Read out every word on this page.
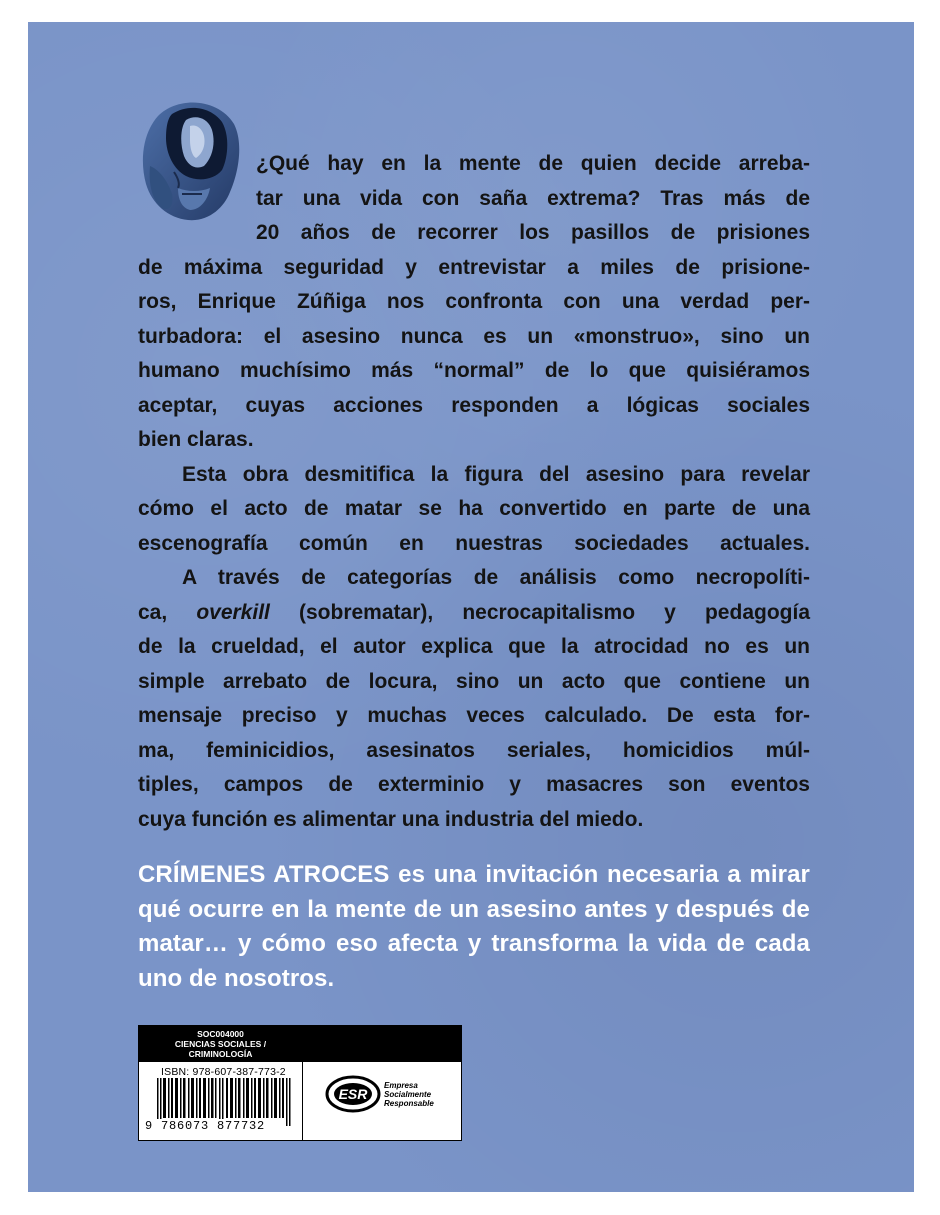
¿Qué hay en la mente de quien decide arreba-
tar una vida con saña extrema? Tras más de
20 años de recorrer los pasillos de prisiones
de máxima seguridad y entrevistar a miles de prisione-
ros, Enrique Zúñiga nos confronta con una verdad per-
turbadora: el asesino nunca es un «monstruo», sino un
humano muchísimo más “normal” de lo que quisiéramos
aceptar, cuyas acciones responden a lógicas sociales
bien claras.

Esta obra desmitifica la figura del asesino para revelar
cómo el acto de matar se ha convertido en parte de una
escenografía común en nuestras sociedades actuales.

A través de categorías de análisis como necropolíti-
ca, overkill (sobrematar), necrocapitalismo y pedagogía
de la crueldad, el autor explica que la atrocidad no es un
simple arrebato de locura, sino un acto que contiene un
mensaje preciso y muchas veces calculado. De esta for-
ma, feminicidios, asesinatos seriales, homicidios múl-
tiples, campos de exterminio y masacres son eventos
cuya función es alimentar una industria del miedo.

CRÍMENES ATROCES es una invitación necesaria a mirar
qué ocurre en la mente de un asesino antes y después de
matar… y cómo eso afecta y transforma la vida de cada
uno de nosotros.
SOC004000
CIENCIAS SOCIALES /
CRIMINOLOGÍA
ISBN: 978-607-387-773-2
9 786073 877732
ESR
Empresa
Socialmente
Responsable
